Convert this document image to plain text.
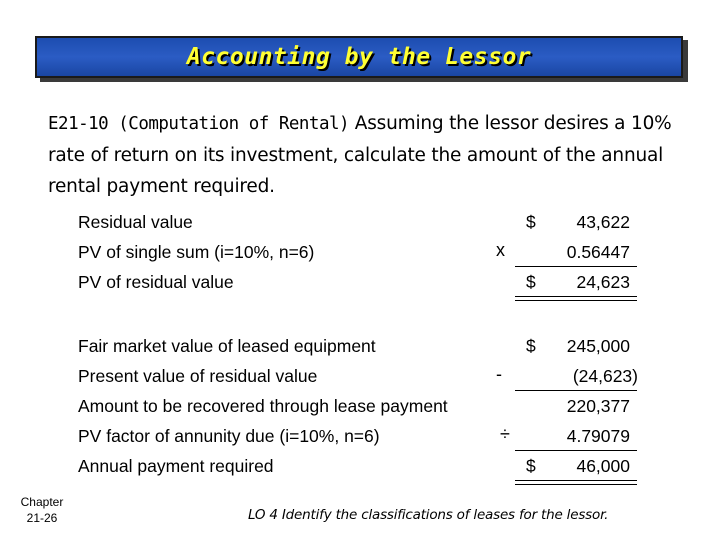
Accounting by the Lessor
E21-10 (Computation of Rental) Assuming the lessor desires a 10% rate of return on its investment, calculate the amount of the annual rental payment required.
Residual value	$ 43,622
PV of single sum (i=10%, n=6)	x	0.56447
PV of residual value	$ 24,623
Fair market value of leased equipment	$ 245,000
Present value of residual value	-	(24,623)
Amount to be recovered through lease payment	220,377
PV factor of annunity due (i=10%, n=6)	÷	4.79079
Annual payment required	$ 46,000
Chapter
21-26	LO 4 Identify the classifications of leases for the lessor.
